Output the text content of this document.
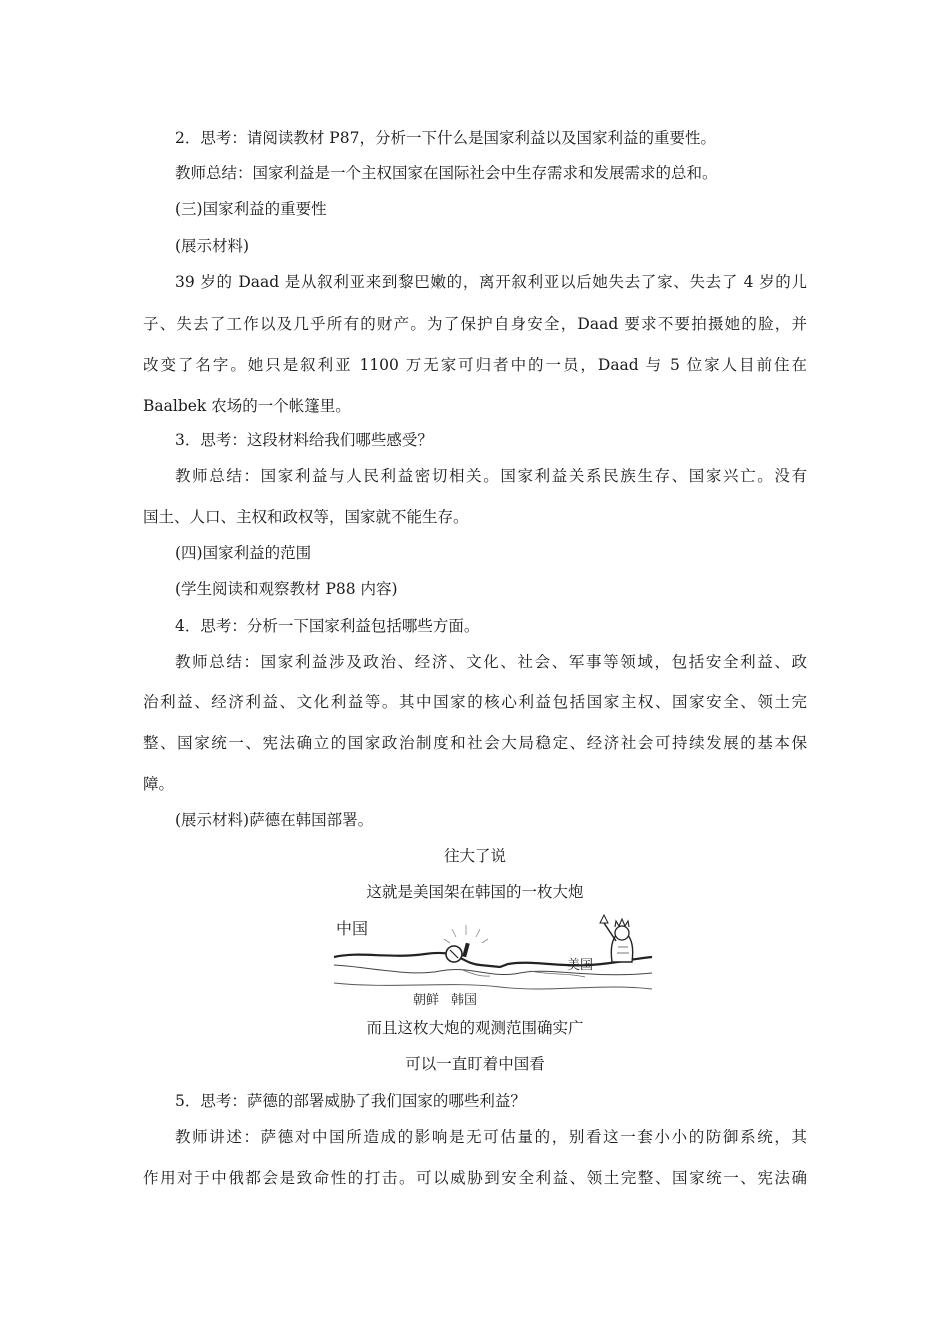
2．思考：请阅读教材 P87，分析一下什么是国家利益以及国家利益的重要性。

教师总结：国家利益是一个主权国家在国际社会中生存需求和发展需求的总和。

(三)国家利益的重要性

(展示材料)

39 岁的 Daad 是从叙利亚来到黎巴嫩的，离开叙利亚以后她失去了家、失去了 4 岁的儿

子、失去了工作以及几乎所有的财产。为了保护自身安全，Daad 要求不要拍摄她的脸，并

改变了名字。她只是叙利亚 1100 万无家可归者中的一员，Daad 与 5 位家人目前住在

Baalbek 农场的一个帐篷里。

3．思考：这段材料给我们哪些感受？

教师总结：国家利益与人民利益密切相关。国家利益关系民族生存、国家兴亡。没有

国土、人口、主权和政权等，国家就不能生存。

(四)国家利益的范围

(学生阅读和观察教材 P88 内容)

4．思考：分析一下国家利益包括哪些方面。

教师总结：国家利益涉及政治、经济、文化、社会、军事等领域，包括安全利益、政

治利益、经济利益、文化利益等。其中国家的核心利益包括国家主权、国家安全、领土完

整、国家统一、宪法确立的国家政治制度和社会大局稳定、经济社会可持续发展的基本保

障。

(展示材料)萨德在韩国部署。

往大了说

这就是美国架在韩国的一枚大炮

中国
美国
朝鲜 韩国

而且这枚大炮的观测范围确实广

可以一直盯着中国看

5．思考：萨德的部署威胁了我们国家的哪些利益？

教师讲述：萨德对中国所造成的影响是无可估量的，别看这一套小小的防御系统，其

作用对于中俄都会是致命性的打击。可以威胁到安全利益、领土完整、国家统一、宪法确
